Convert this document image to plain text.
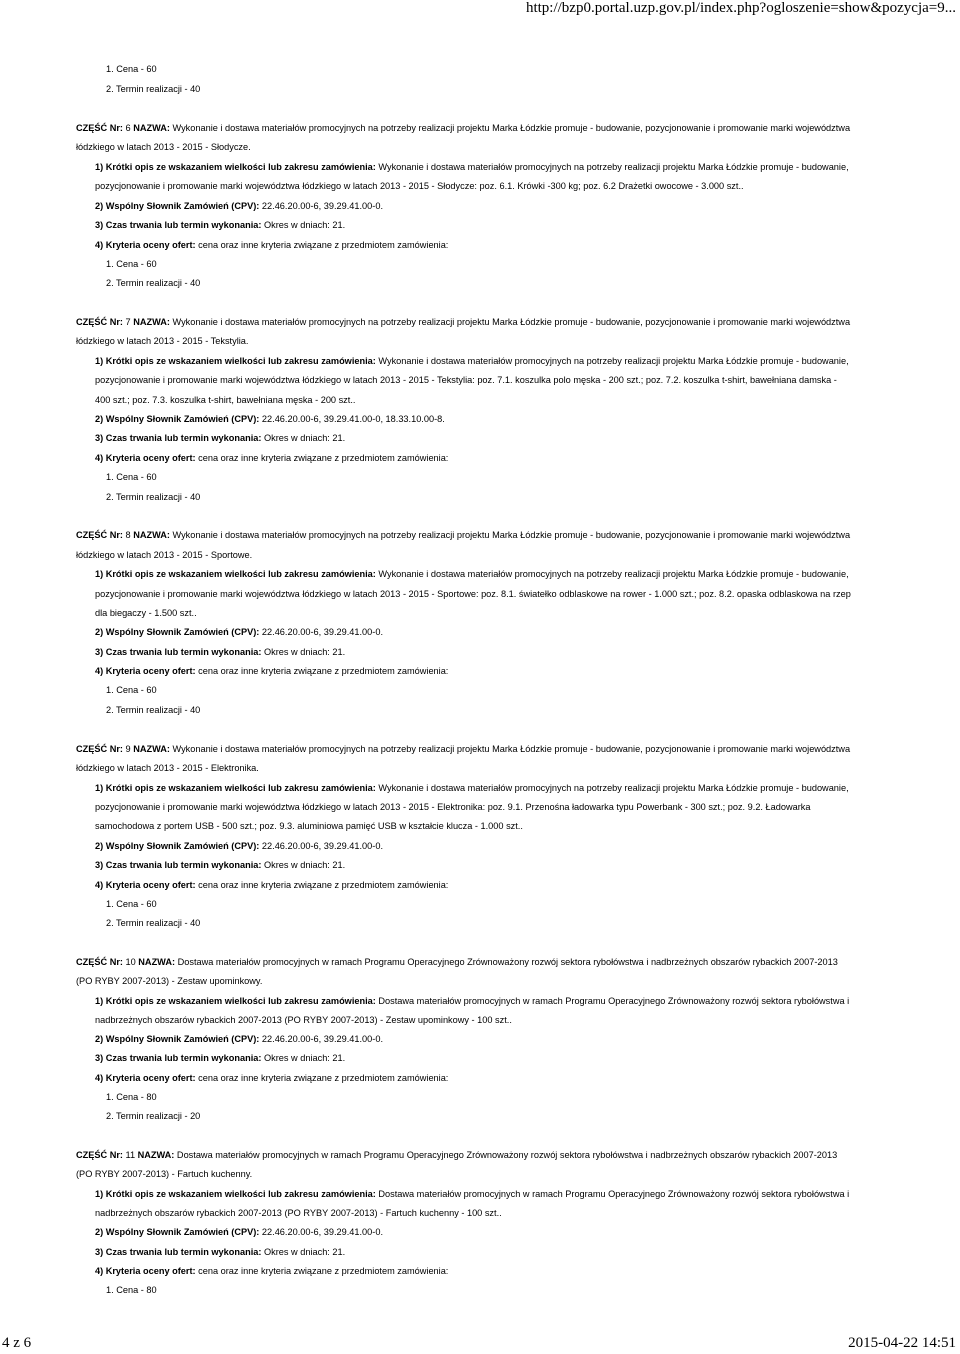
http://bzp0.portal.uzp.gov.pl/index.php?ogloszenie=show&pozycja=9...
1. Cena - 60
2. Termin realizacji - 40
CZĘŚĆ Nr: 6 NAZWA: Wykonanie i dostawa materiałów promocyjnych na potrzeby realizacji projektu Marka Łódzkie promuje - budowanie, pozycjonowanie i promowanie marki województwa
łódzkiego w latach 2013 - 2015 - Słodycze.
1) Krótki opis ze wskazaniem wielkości lub zakresu zamówienia: Wykonanie i dostawa materiałów promocyjnych na potrzeby realizacji projektu Marka Łódzkie promuje - budowanie,
pozycjonowanie i promowanie marki województwa łódzkiego w latach 2013 - 2015 - Słodycze: poz. 6.1. Krówki -300 kg; poz. 6.2 Drażetki owocowe - 3.000 szt..
2) Wspólny Słownik Zamówień (CPV): 22.46.20.00-6, 39.29.41.00-0.
3) Czas trwania lub termin wykonania: Okres w dniach: 21.
4) Kryteria oceny ofert: cena oraz inne kryteria związane z przedmiotem zamówienia:
1. Cena - 60
2. Termin realizacji - 40
CZĘŚĆ Nr: 7 NAZWA: Wykonanie i dostawa materiałów promocyjnych na potrzeby realizacji projektu Marka Łódzkie promuje - budowanie, pozycjonowanie i promowanie marki województwa
łódzkiego w latach 2013 - 2015 - Tekstylia.
1) Krótki opis ze wskazaniem wielkości lub zakresu zamówienia: Wykonanie i dostawa materiałów promocyjnych na potrzeby realizacji projektu Marka Łódzkie promuje - budowanie,
pozycjonowanie i promowanie marki województwa łódzkiego w latach 2013 - 2015 - Tekstylia: poz. 7.1. koszulka polo męska - 200 szt.; poz. 7.2. koszulka t-shirt, bawełniana damska -
400 szt.; poz. 7.3. koszulka t-shirt, bawełniana męska - 200 szt..
2) Wspólny Słownik Zamówień (CPV): 22.46.20.00-6, 39.29.41.00-0, 18.33.10.00-8.
3) Czas trwania lub termin wykonania: Okres w dniach: 21.
4) Kryteria oceny ofert: cena oraz inne kryteria związane z przedmiotem zamówienia:
1. Cena - 60
2. Termin realizacji - 40
CZĘŚĆ Nr: 8 NAZWA: Wykonanie i dostawa materiałów promocyjnych na potrzeby realizacji projektu Marka Łódzkie promuje - budowanie, pozycjonowanie i promowanie marki województwa
łódzkiego w latach 2013 - 2015 - Sportowe.
1) Krótki opis ze wskazaniem wielkości lub zakresu zamówienia: Wykonanie i dostawa materiałów promocyjnych na potrzeby realizacji projektu Marka Łódzkie promuje - budowanie,
pozycjonowanie i promowanie marki województwa łódzkiego w latach 2013 - 2015 - Sportowe: poz. 8.1. światełko odblaskowe na rower - 1.000 szt.; poz. 8.2. opaska odblaskowa na rzep
dla biegaczy - 1.500 szt..
2) Wspólny Słownik Zamówień (CPV): 22.46.20.00-6, 39.29.41.00-0.
3) Czas trwania lub termin wykonania: Okres w dniach: 21.
4) Kryteria oceny ofert: cena oraz inne kryteria związane z przedmiotem zamówienia:
1. Cena - 60
2. Termin realizacji - 40
CZĘŚĆ Nr: 9 NAZWA: Wykonanie i dostawa materiałów promocyjnych na potrzeby realizacji projektu Marka Łódzkie promuje - budowanie, pozycjonowanie i promowanie marki województwa
łódzkiego w latach 2013 - 2015 - Elektronika.
1) Krótki opis ze wskazaniem wielkości lub zakresu zamówienia: Wykonanie i dostawa materiałów promocyjnych na potrzeby realizacji projektu Marka Łódzkie promuje - budowanie,
pozycjonowanie i promowanie marki województwa łódzkiego w latach 2013 - 2015 - Elektronika: poz. 9.1. Przenośna ładowarka typu Powerbank - 300 szt.; poz. 9.2. Ładowarka
samochodowa z portem USB - 500 szt.; poz. 9.3. aluminiowa pamięć USB w kształcie klucza - 1.000 szt..
2) Wspólny Słownik Zamówień (CPV): 22.46.20.00-6, 39.29.41.00-0.
3) Czas trwania lub termin wykonania: Okres w dniach: 21.
4) Kryteria oceny ofert: cena oraz inne kryteria związane z przedmiotem zamówienia:
1. Cena - 60
2. Termin realizacji - 40
CZĘŚĆ Nr: 10 NAZWA: Dostawa materiałów promocyjnych w ramach Programu Operacyjnego Zrównoważony rozwój sektora rybołówstwa i nadbrzeżnych obszarów rybackich 2007-2013
(PO RYBY 2007-2013) - Zestaw upominkowy.
1) Krótki opis ze wskazaniem wielkości lub zakresu zamówienia: Dostawa materiałów promocyjnych w ramach Programu Operacyjnego Zrównoważony rozwój sektora rybołówstwa i
nadbrzeżnych obszarów rybackich 2007-2013 (PO RYBY 2007-2013) - Zestaw upominkowy - 100 szt..
2) Wspólny Słownik Zamówień (CPV): 22.46.20.00-6, 39.29.41.00-0.
3) Czas trwania lub termin wykonania: Okres w dniach: 21.
4) Kryteria oceny ofert: cena oraz inne kryteria związane z przedmiotem zamówienia:
1. Cena - 80
2. Termin realizacji - 20
CZĘŚĆ Nr: 11 NAZWA: Dostawa materiałów promocyjnych w ramach Programu Operacyjnego Zrównoważony rozwój sektora rybołówstwa i nadbrzeżnych obszarów rybackich 2007-2013
(PO RYBY 2007-2013) - Fartuch kuchenny.
1) Krótki opis ze wskazaniem wielkości lub zakresu zamówienia: Dostawa materiałów promocyjnych w ramach Programu Operacyjnego Zrównoważony rozwój sektora rybołówstwa i
nadbrzeżnych obszarów rybackich 2007-2013 (PO RYBY 2007-2013) - Fartuch kuchenny - 100 szt..
2) Wspólny Słownik Zamówień (CPV): 22.46.20.00-6, 39.29.41.00-0.
3) Czas trwania lub termin wykonania: Okres w dniach: 21.
4) Kryteria oceny ofert: cena oraz inne kryteria związane z przedmiotem zamówienia:
1. Cena - 80
4 z 6	2015-04-22 14:51
